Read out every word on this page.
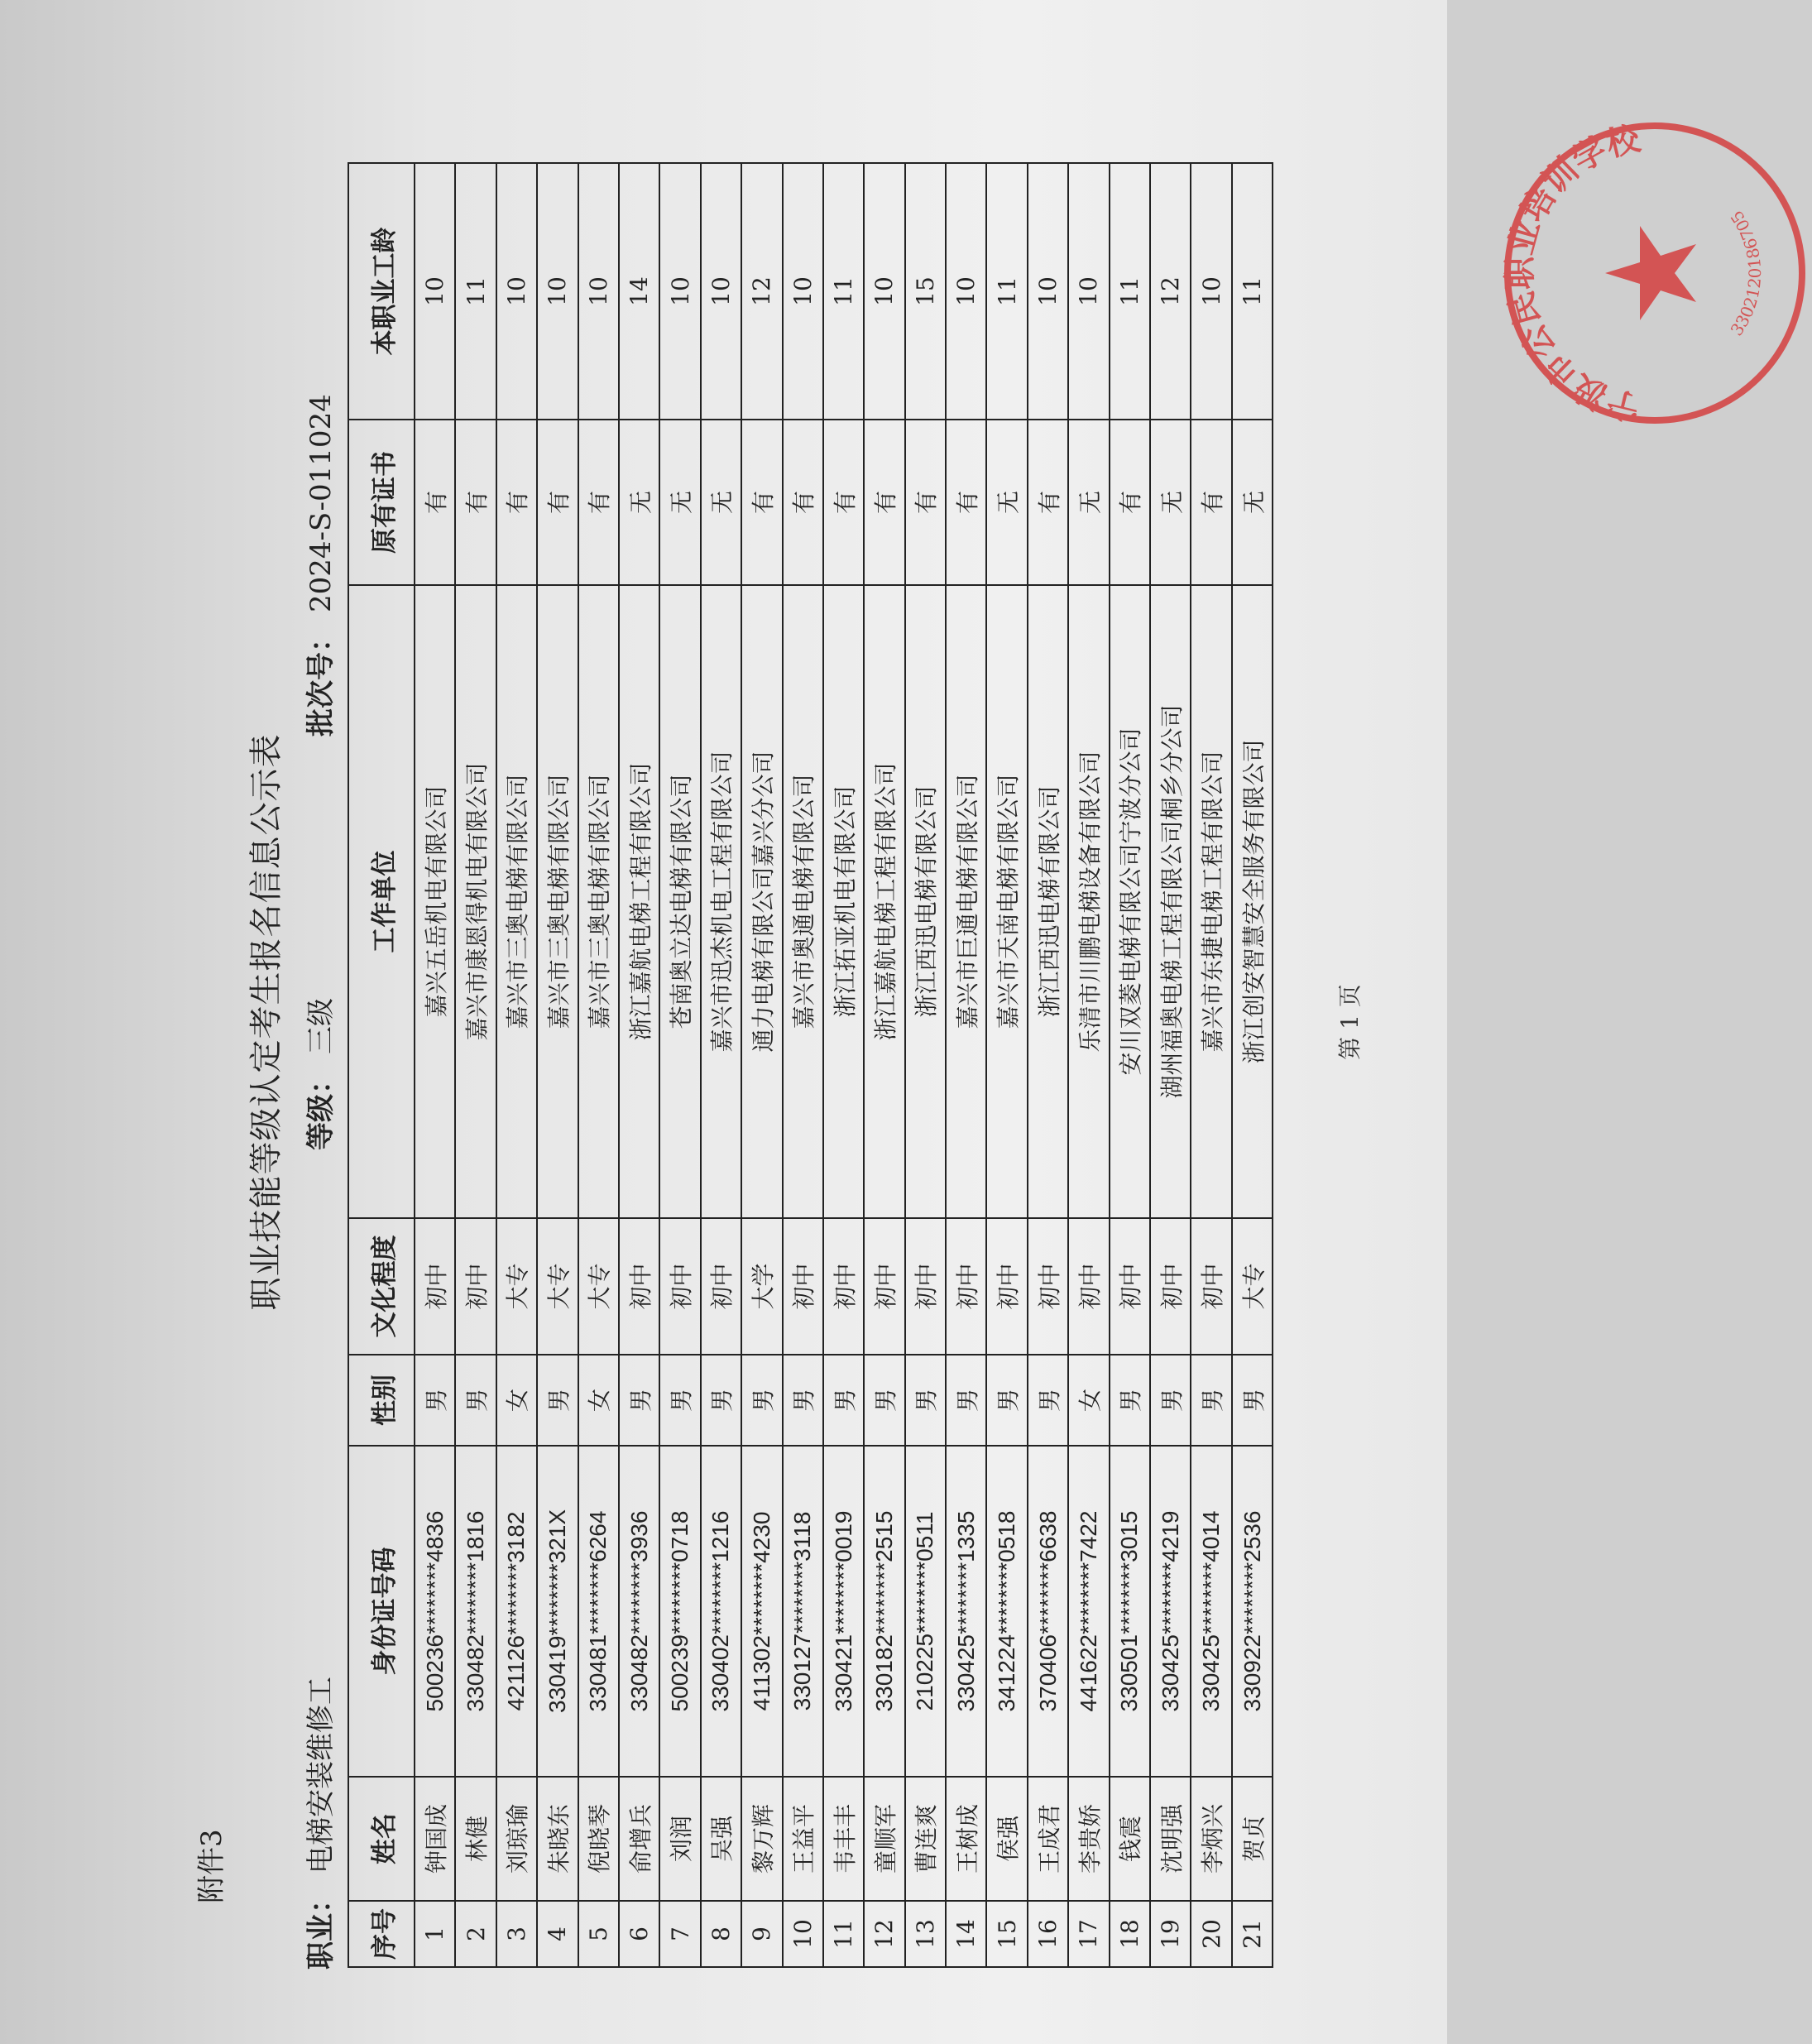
附件3
职业技能等级认定考生报名信息公示表
职业：电梯安装维修工
等级：三级
批次号：2024-S-011024
序号	姓名	身份证号码	性别	文化程度	工作单位	原有证书	本职业工龄
1	钟国成	500236********4836	男	初中	嘉兴五岳机电有限公司	有	10
2	林健	330482********1816	男	初中	嘉兴市康恩得机电有限公司	有	11
3	刘琼瑜	421126********3182	女	大专	嘉兴市三奥电梯有限公司	有	10
4	朱晓东	330419********321X	男	大专	嘉兴市三奥电梯有限公司	有	10
5	倪晓琴	330481********6264	女	大专	嘉兴市三奥电梯有限公司	有	10
6	俞增兵	330482********3936	男	初中	浙江嘉航电梯工程有限公司	无	14
7	刘润	500239********0718	男	初中	苍南奥立达电梯有限公司	无	10
8	吴强	330402********1216	男	初中	嘉兴市迅杰机电工程有限公司	无	10
9	黎万辉	411302********4230	男	大学	通力电梯有限公司嘉兴分公司	有	12
10	王益平	330127********3118	男	初中	嘉兴市奥通电梯有限公司	有	10
11	韦丰丰	330421********0019	男	初中	浙江拓亚机电有限公司	有	11
12	童顺军	330182********2515	男	初中	浙江嘉航电梯工程有限公司	有	10
13	曹连爽	210225********0511	男	初中	浙江西迅电梯有限公司	有	15
14	王树成	330425********1335	男	初中	嘉兴市巨通电梯有限公司	有	10
15	侯强	341224********0518	男	初中	嘉兴市天南电梯有限公司	无	11
16	王成君	370406********6638	男	初中	浙江西迅电梯有限公司	有	10
17	李贵娇	441622********7422	女	初中	乐清市川鹏电梯设备有限公司	无	10
18	钱震	330501********3015	男	初中	安川双菱电梯有限公司宁波分公司	有	11
19	沈明强	330425********4219	男	初中	湖州福奥电梯工程有限公司桐乡分公司	无	12
20	李炳兴	330425********4014	男	初中	嘉兴市东捷电梯工程有限公司	有	10
21	贺贞	330922********2536	男	大专	浙江创安智慧安全服务有限公司	无	11
第 1 页
宁波市公民职业培训学校
3302120186705
